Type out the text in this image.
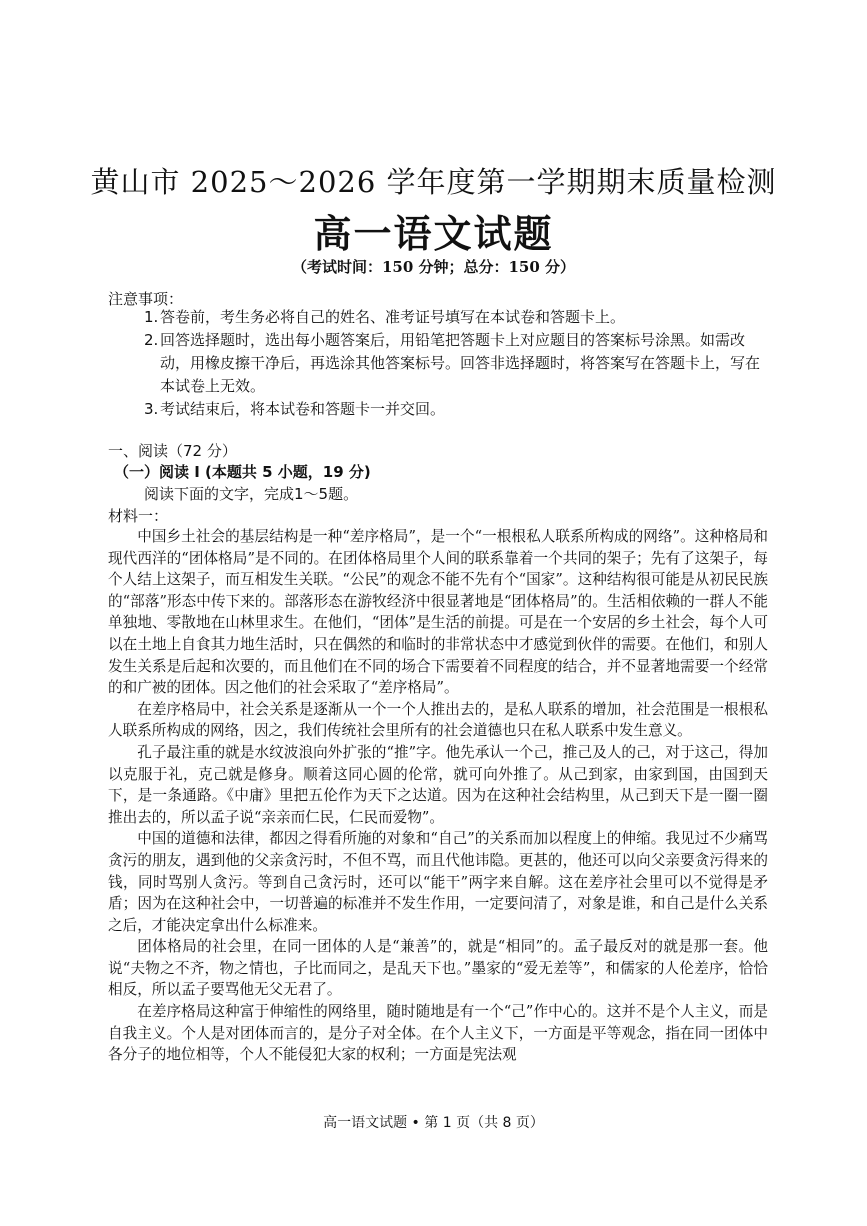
黄山市 2025～2026 学年度第一学期期末质量检测
高一语文试题
（考试时间：150 分钟；总分：150 分）
注意事项：
1. 答卷前，考生务必将自己的姓名、准考证号填写在本试卷和答题卡上。
2. 回答选择题时，选出每小题答案后，用铅笔把答题卡上对应题目的答案标号涂黑。如需改动，用橡皮擦干净后，再选涂其他答案标号。回答非选择题时，将答案写在答题卡上，写在本试卷上无效。
3. 考试结束后，将本试卷和答题卡一并交回。
一、阅读（72 分）
（一）阅读 I (本题共 5 小题，19 分)
阅读下面的文字，完成1～5题。
材料一：

中国乡土社会的基层结构是一种“差序格局”，是一个“一根根私人联系所构成的网络”。这种格局和现代西洋的“团体格局”是不同的。在团体格局里个人间的联系靠着一个共同的架子；先有了这架子，每个人结上这架子，而互相发生关联。“公民”的观念不能不先有个“国家”。这种结构很可能是从初民民族的“部落”形态中传下来的。部落形态在游牧经济中很显著地是“团体格局”的。生活相依赖的一群人不能单独地、零散地在山林里求生。在他们，“团体”是生活的前提。可是在一个安居的乡土社会，每个人可以在土地上自食其力地生活时，只在偶然的和临时的非常状态中才感觉到伙伴的需要。在他们，和别人发生关系是后起和次要的，而且他们在不同的场合下需要着不同程度的结合，并不显著地需要一个经常的和广被的团体。因之他们的社会采取了“差序格局”。

在差序格局中，社会关系是逐渐从一个一个人推出去的，是私人联系的增加，社会范围是一根根私人联系所构成的网络，因之，我们传统社会里所有的社会道德也只在私人联系中发生意义。

孔子最注重的就是水纹波浪向外扩张的“推”字。他先承认一个己，推己及人的己，对于这己，得加以克服于礼，克己就是修身。顺着这同心圆的伦常，就可向外推了。从己到家，由家到国，由国到天下，是一条通路。《中庸》里把五伦作为天下之达道。因为在这种社会结构里，从己到天下是一圈一圈推出去的，所以孟子说“亲亲而仁民，仁民而爱物”。

中国的道德和法律，都因之得看所施的对象和“自己”的关系而加以程度上的伸缩。我见过不少痛骂贪污的朋友，遇到他的父亲贪污时，不但不骂，而且代他讳隐。更甚的，他还可以向父亲要贪污得来的钱，同时骂别人贪污。等到自己贪污时，还可以“能干”两字来自解。这在差序社会里可以不觉得是矛盾；因为在这种社会中，一切普遍的标准并不发生作用，一定要问清了，对象是谁，和自己是什么关系之后，才能决定拿出什么标准来。

团体格局的社会里，在同一团体的人是“兼善”的，就是“相同”的。孟子最反对的就是那一套。他说“夫物之不齐，物之情也，子比而同之，是乱天下也。”墨家的“爱无差等”，和儒家的人伦差序，恰恰相反，所以孟子要骂他无父无君了。

在差序格局这种富于伸缩性的网络里，随时随地是有一个“己”作中心的。这并不是个人主义，而是自我主义。个人是对团体而言的，是分子对全体。在个人主义下，一方面是平等观念，指在同一团体中各分子的地位相等，个人不能侵犯大家的权利；一方面是宪法观

高一语文试题 • 第 1 页（共 8 页）
